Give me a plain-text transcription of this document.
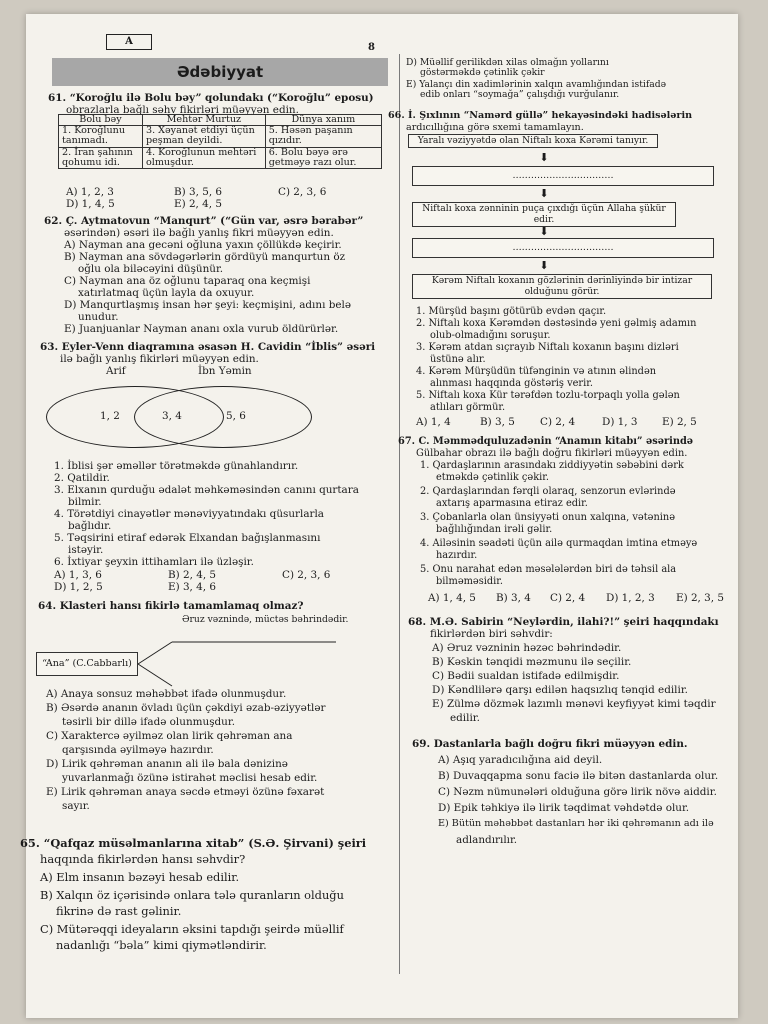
A
8
Ədəbiyyat
61. “Koroğlu ilə Bolu bəy” qolundakı (“Koroğlu” eposu)
obrazlarla bağlı səhv fikirləri müəyyən edin.
Bolu bəy	Mehtər Murtuz	Dünya xanım
1. Koroğlunu tanımadı.	3. Xəyanət etdiyi üçün peşman deyildi.	5. Həsən paşanın qızıdır.
2. İran şahının qohumu idi.	4. Koroğlunun mehtəri olmuşdur.	6. Bolu bəyə ərə getməyə razı olur.
A) 1, 2, 3	B) 3, 5, 6	C) 2, 3, 6
D) 1, 4, 5	E) 2, 4, 5
62. Ç. Aytmatovun “Manqurt” (“Gün var, əsrə bərabər”
əsərindən) əsəri ilə bağlı yanlış fikri müəyyən edin.
A) Nayman ana gecəni oğluna yaxın çöllükdə keçirir.
B) Nayman ana sövdəgərlərin gördüyü manqurtun öz
oğlu ola biləcəyini düşünür.
C) Nayman ana öz oğlunu taparaq ona keçmişi
xatırlatmaq üçün layla da oxuyur.
D) Manqurtlaşmış insan hər şeyi: keçmişini, adını belə
unudur.
E) Juanjuanlar Nayman ananı oxla vurub öldürürlər.
63. Eyler-Venn diaqramına əsasən H. Cavidin “İblis” əsəri
ilə bağlı yanlış fikirləri müəyyən edin.
Arif	İbn Yəmin
1, 2	3, 4	5, 6
1. İblisi şər əməllər törətməkdə günahlandırır.
2. Qatildir.
3. Elxanın qurduğu ədalət məhkəməsindən canını qurtara
bilmir.
4. Törətdiyi cinayətlər mənəviyyatındakı qüsurlarla
bağlıdır.
5. Təqsirini etiraf edərək Elxandan bağışlanmasını
istəyir.
6. İxtiyar şeyxin ittihamları ilə üzləşir.
A) 1, 3, 6	B) 2, 4, 5	C) 2, 3, 6
D) 1, 2, 5	E) 3, 4, 6
64. Klasteri hansı fikirlə tamamlamaq olmaz?
Əruz vəznində, müctəs bəhrindədir.
“Ana” (C.Cabbarlı)
A) Anaya sonsuz məhəbbət ifadə olunmuşdur.
B) Əsərdə ananın övladı üçün çəkdiyi əzab-əziyyətlər
təsirli bir dillə ifadə olunmuşdur.
C) Xaraktercə əyilməz olan lirik qəhrəman ana
qarşısında əyilməyə hazırdır.
D) Lirik qəhrəman ananın ali ilə bala dənizinə
yuvarlanmağı özünə istirahət məclisi hesab edir.
E) Lirik qəhrəman anaya səcdə etməyi özünə fəxarət
sayır.
65. “Qafqaz müsəlmanlarına xitab” (S.Ə. Şirvani) şeiri
haqqında fikirlərdən hansı səhvdir?
A) Elm insanın bəzəyi hesab edilir.
B) Xalqın öz içərisində onlara tələ quranların olduğu
fikrinə də rast gəlinir.
C) Mütərəqqi ideyaların əksini tapdığı şeirdə müəllif
nadanlığı “bəla” kimi qiymətləndirir.
D) Müəllif gerilikdən xilas olmağın yollarını
göstərməkdə çətinlik çəkir
E) Yalançı din xadimlərinin xalqın avamlığından istifadə
edib onları “soymağa” çalışdığı vurğulanır.
66. İ. Şıxlının “Namərd güllə” hekayəsindəki hadisələrin
ardıcıllığına görə sxemi tamamlayın.
Yaralı vəziyyətdə olan Niftalı koxa Kərəmi tanıyır.
⬇
……………………………
⬇
Niftalı koxa zənninin puça çıxdığı üçün Allaha şükür edir.
⬇
……………………………
⬇
Kərəm Niftalı koxanın gözlərinin dərinliyində bir intizar olduğunu görür.
1. Mürşüd başını götürüb evdən qaçır.
2. Niftalı koxa Kərəmdən dəstəsində yeni gəlmiş adamın
olub-olmadığını soruşur.
3. Kərəm atdan sıçrayıb Niftalı koxanın başını dizləri
üstünə alır.
4. Kərəm Mürşüdün tüfənginin və atının əlindən
alınması haqqında göstəriş verir.
5. Niftalı koxa Kür tərəfdən tozlu-torpaqlı yolla gələn
atlıları görmür.
A) 1, 4	B) 3, 5 C) 2, 4	D) 1, 3 E) 2, 5
67. C. Məmmədquluzadənin “Anamın kitabı” əsərində
Gülbahar obrazı ilə bağlı doğru fikirləri müəyyən edin.
1. Qardaşlarının arasındakı ziddiyyətin səbəbini dərk
etməkdə çətinlik çəkir.
2. Qardaşlarından fərqli olaraq, senzorun evlərində
axtarış aparmasına etiraz edir.
3. Çobanlarla olan ünsiyyəti onun xalqına, vətəninə
bağlılığından irəli gəlir.
4. Ailəsinin səadəti üçün ailə qurmaqdan imtina etməyə
hazırdır.
5. Onu narahat edən məsələlərdən biri də təhsil ala
bilməməsidir.
A) 1, 4, 5 B) 3, 4 C) 2, 4 D) 1, 2, 3 E) 2, 3, 5
68. M.Ə. Sabirin “Neylərdin, ilahi?!” şeiri haqqındakı
fikirlərdən biri səhvdir:
A) Əruz vəzninin həzəc bəhrindədir.
B) Kəskin tənqidi məzmunu ilə seçilir.
C) Bədii sualdan istifadə edilmişdir.
D) Kəndlilərə qarşı edilən haqsızlıq tənqid edilir.
E) Zülmə dözmək lazımlı mənəvi keyfiyyət kimi təqdir
edilir.
69. Dastanlarla bağlı doğru fikri müəyyən edin.
A) Aşıq yaradıcılığına aid deyil.
B) Duvaqqapma sonu faciə ilə bitən dastanlarda olur.
C) Nəzm nümunələri olduğuna görə lirik növə aiddir.
D) Epik təhkiyə ilə lirik təqdimat vəhdətdə olur.
E) Bütün məhəbbət dastanları hər iki qəhrəmanın adı ilə
adlandırılır.
